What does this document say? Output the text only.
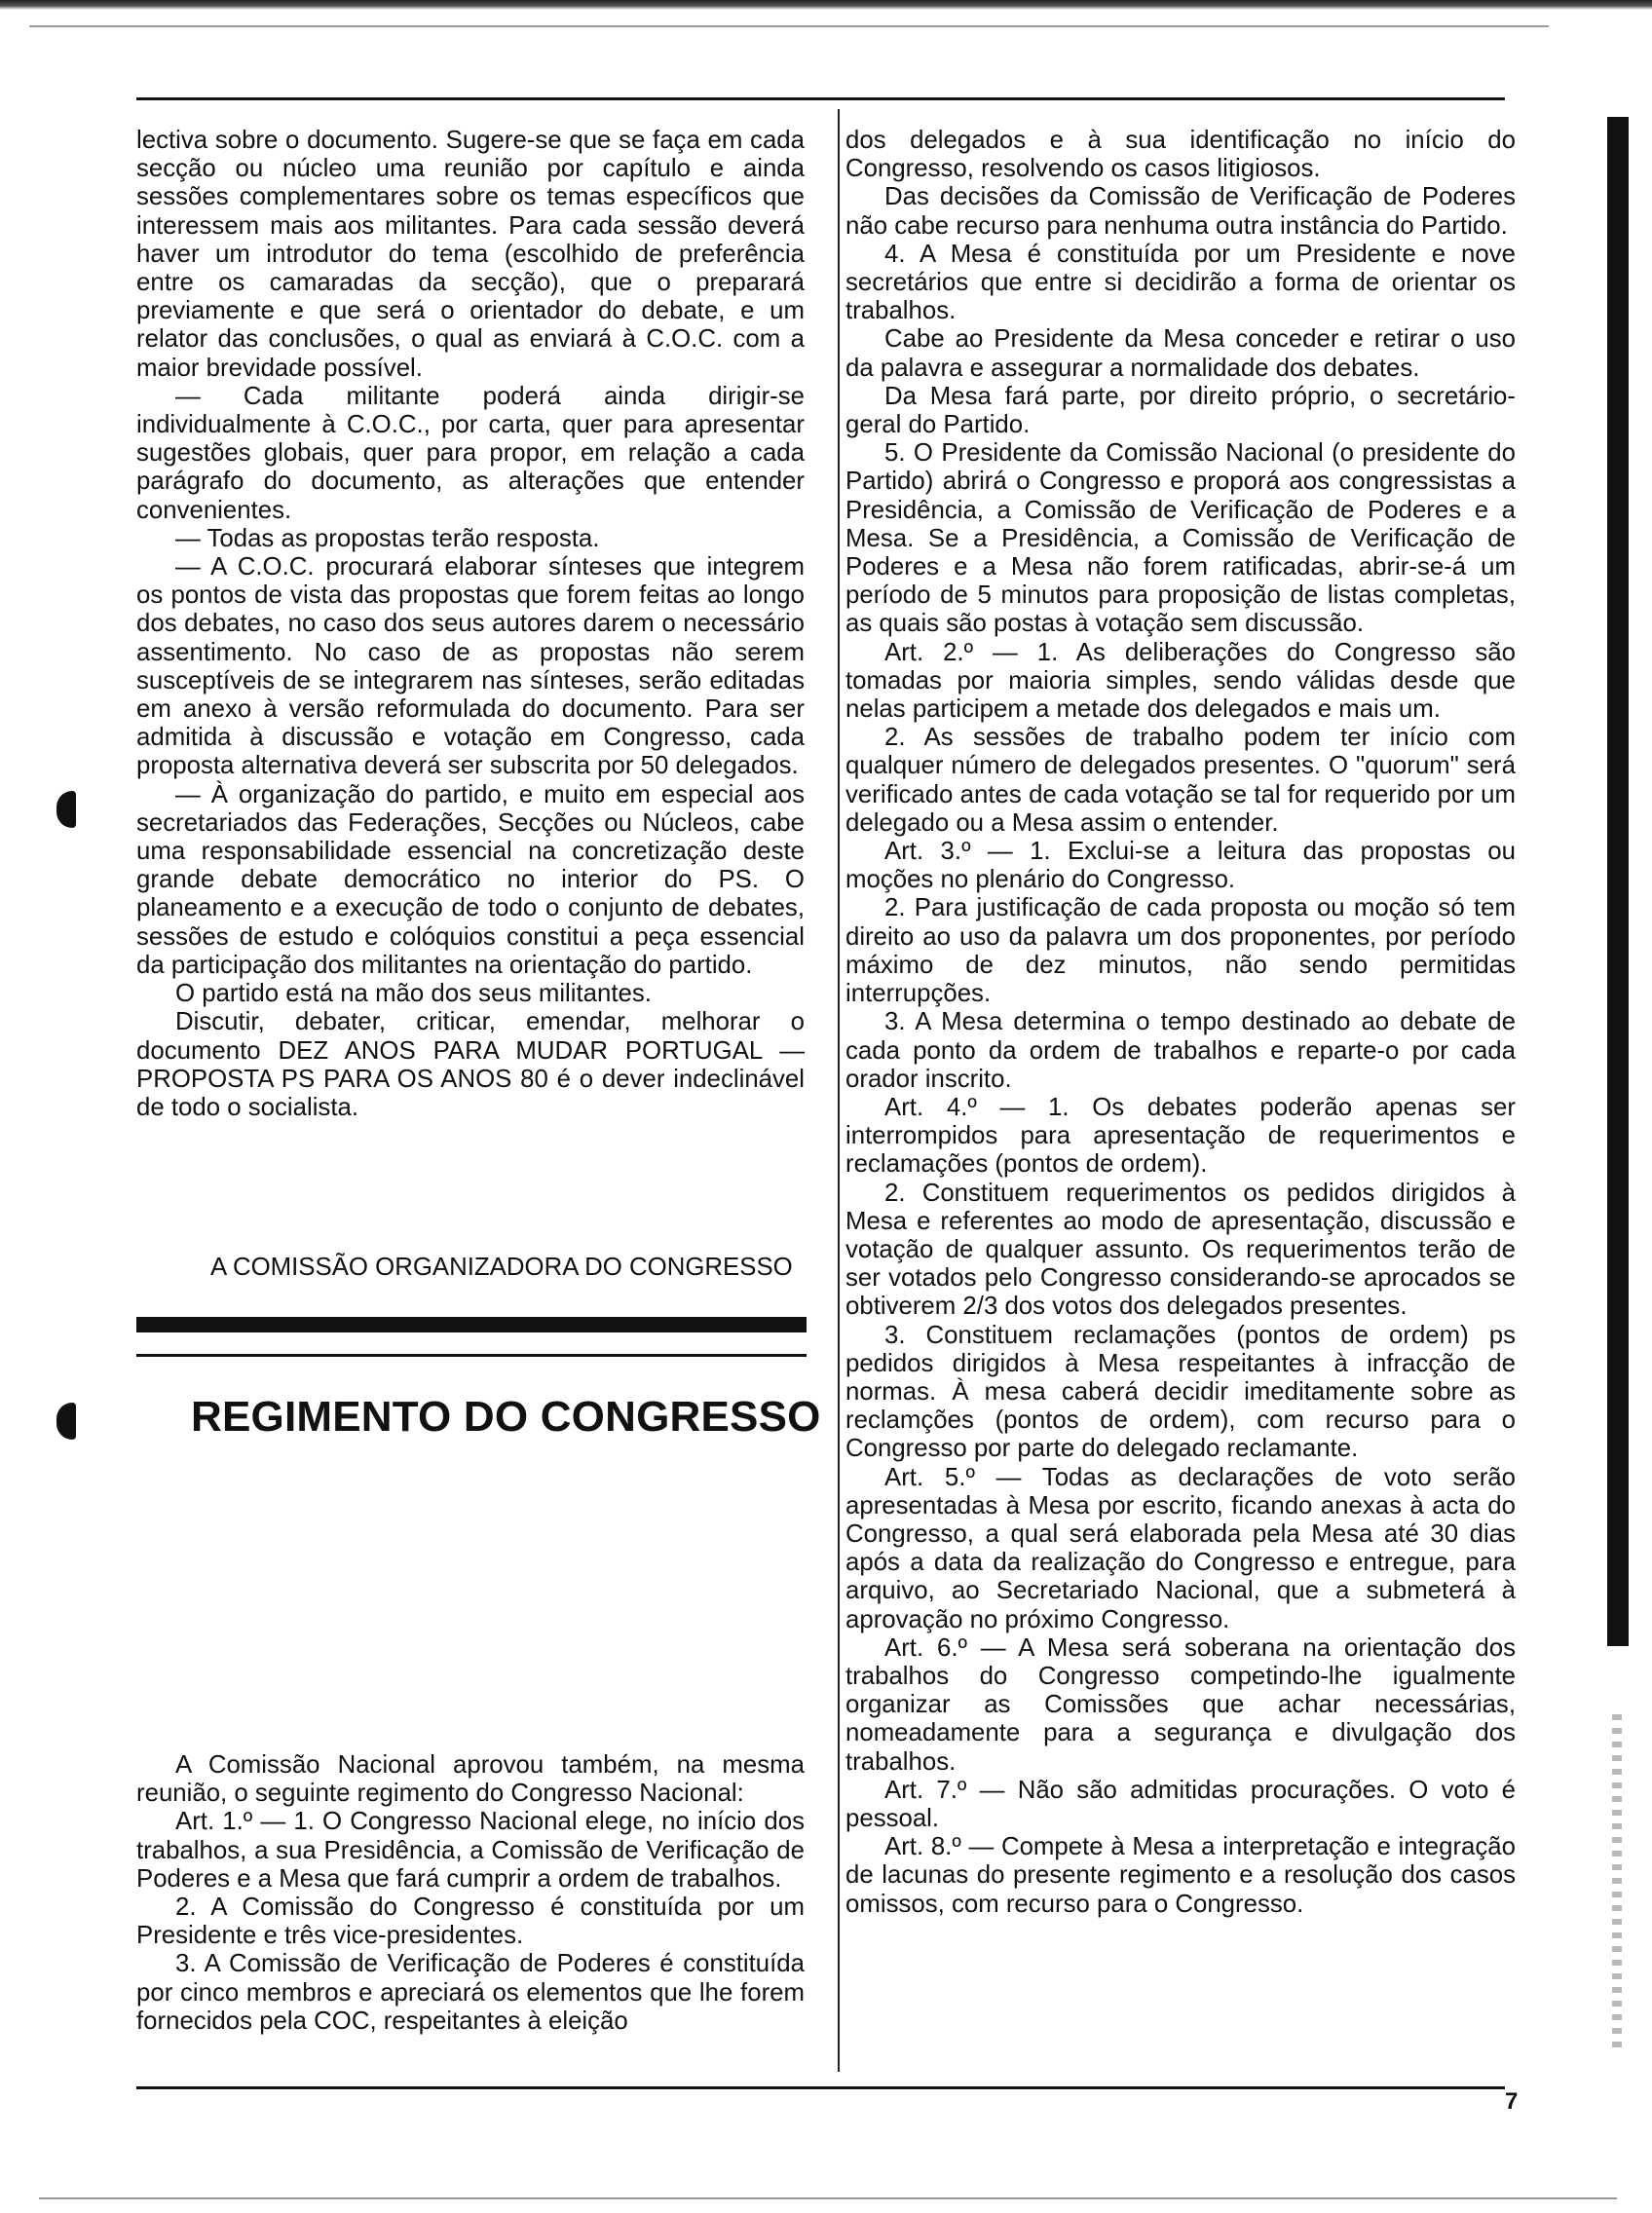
lectiva sobre o documento. Sugere-se que se faça em cada secção ou núcleo uma reunião por capítulo e ainda sessões complementares sobre os temas específicos que interessem mais aos militantes. Para cada sessão deverá haver um introdutor do tema (escolhido de preferência entre os camaradas da secção), que o preparará previamente e que será o orientador do debate, e um relator das conclusões, o qual as enviará à C.O.C. com a maior brevidade possível.

— Cada militante poderá ainda dirigir-se individualmente à C.O.C., por carta, quer para apresentar sugestões globais, quer para propor, em relação a cada parágrafo do documento, as alterações que entender convenientes.

— Todas as propostas terão resposta.

— A C.O.C. procurará elaborar sínteses que integrem os pontos de vista das propostas que forem feitas ao longo dos debates, no caso dos seus autores darem o necessário assentimento. No caso de as propostas não serem susceptíveis de se integrarem nas sínteses, serão editadas em anexo à versão reformulada do documento. Para ser admitida à discussão e votação em Congresso, cada proposta alternativa deverá ser subscrita por 50 delegados.

— À organização do partido, e muito em especial aos secretariados das Federações, Secções ou Núcleos, cabe uma responsabilidade essencial na concretização deste grande debate democrático no interior do PS. O planeamento e a execução de todo o conjunto de debates, sessões de estudo e colóquios constitui a peça essencial da participação dos militantes na orientação do partido.

O partido está na mão dos seus militantes.

Discutir, debater, criticar, emendar, melhorar o documento DEZ ANOS PARA MUDAR PORTUGAL — PROPOSTA PS PARA OS ANOS 80 é o dever indeclinável de todo o socialista.

A COMISSÃO ORGANIZADORA DO CONGRESSO

REGIMENTO DO CONGRESSO

A Comissão Nacional aprovou também, na mesma reunião, o seguinte regimento do Congresso Nacional:

Art. 1.º — 1. O Congresso Nacional elege, no início dos trabalhos, a sua Presidência, a Comissão de Verificação de Poderes e a Mesa que fará cumprir a ordem de trabalhos.

2. A Comissão do Congresso é constituída por um Presidente e três vice-presidentes.

3. A Comissão de Verificação de Poderes é constituída por cinco membros e apreciará os elementos que lhe forem fornecidos pela COC, respeitantes à eleição

dos delegados e à sua identificação no início do Congresso, resolvendo os casos litigiosos.

Das decisões da Comissão de Verificação de Poderes não cabe recurso para nenhuma outra instância do Partido.

4. A Mesa é constituída por um Presidente e nove secretários que entre si decidirão a forma de orientar os trabalhos.

Cabe ao Presidente da Mesa conceder e retirar o uso da palavra e assegurar a normalidade dos debates.

Da Mesa fará parte, por direito próprio, o secretário-geral do Partido.

5. O Presidente da Comissão Nacional (o presidente do Partido) abrirá o Congresso e proporá aos congressistas a Presidência, a Comissão de Verificação de Poderes e a Mesa. Se a Presidência, a Comissão de Verificação de Poderes e a Mesa não forem ratificadas, abrir-se-á um período de 5 minutos para proposição de listas completas, as quais são postas à votação sem discussão.

Art. 2.º — 1. As deliberações do Congresso são tomadas por maioria simples, sendo válidas desde que nelas participem a metade dos delegados e mais um.

2. As sessões de trabalho podem ter início com qualquer número de delegados presentes. O "quorum" será verificado antes de cada votação se tal for requerido por um delegado ou a Mesa assim o entender.

Art. 3.º — 1. Exclui-se a leitura das propostas ou moções no plenário do Congresso.

2. Para justificação de cada proposta ou moção só tem direito ao uso da palavra um dos proponentes, por período máximo de dez minutos, não sendo permitidas interrupções.

3. A Mesa determina o tempo destinado ao debate de cada ponto da ordem de trabalhos e reparte-o por cada orador inscrito.

Art. 4.º — 1. Os debates poderão apenas ser interrompidos para apresentação de requerimentos e reclamações (pontos de ordem).

2. Constituem requerimentos os pedidos dirigidos à Mesa e referentes ao modo de apresentação, discussão e votação de qualquer assunto. Os requerimentos terão de ser votados pelo Congresso considerando-se aprocados se obtiverem 2/3 dos votos dos delegados presentes.

3. Constituem reclamações (pontos de ordem) ps pedidos dirigidos à Mesa respeitantes à infracção de normas. À mesa caberá decidir imeditamente sobre as reclamções (pontos de ordem), com recurso para o Congresso por parte do delegado reclamante.

Art. 5.º — Todas as declarações de voto serão apresentadas à Mesa por escrito, ficando anexas à acta do Congresso, a qual será elaborada pela Mesa até 30 dias após a data da realização do Congresso e entregue, para arquivo, ao Secretariado Nacional, que a submeterá à aprovação no próximo Congresso.

Art. 6.º — A Mesa será soberana na orientação dos trabalhos do Congresso competindo-lhe igualmente organizar as Comissões que achar necessárias, nomeadamente para a segurança e divulgação dos trabalhos.

Art. 7.º — Não são admitidas procurações. O voto é pessoal.

Art. 8.º — Compete à Mesa a interpretação e integração de lacunas do presente regimento e a resolução dos casos omissos, com recurso para o Congresso.

7
